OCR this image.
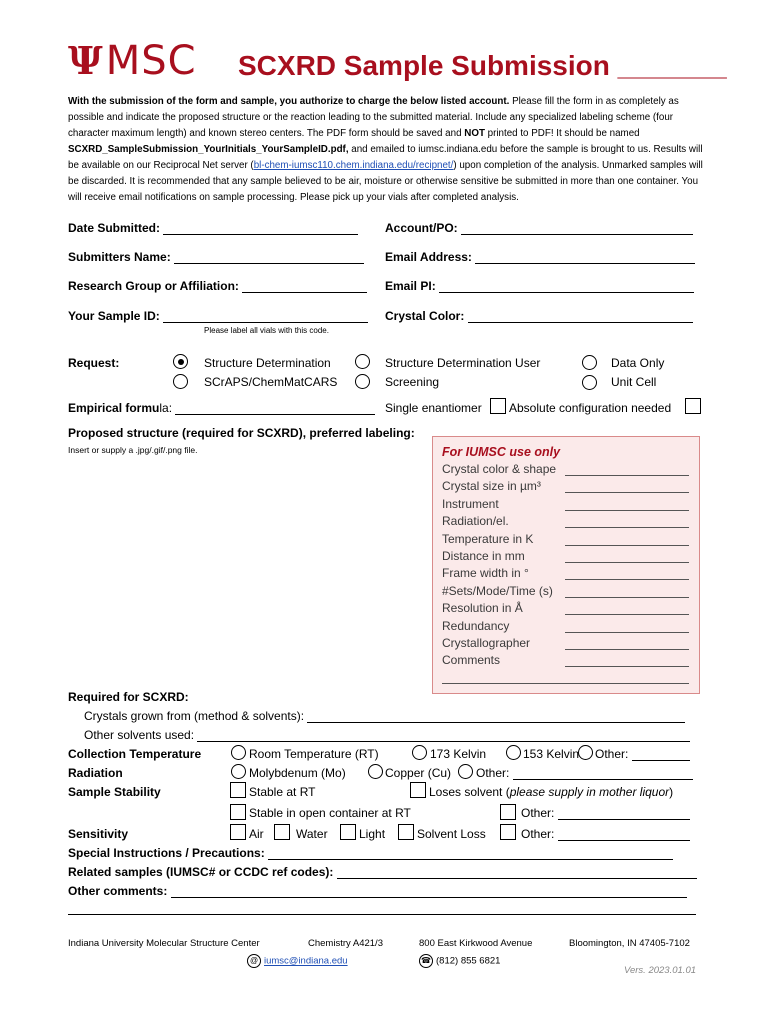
ΨMSC SCXRD Sample Submission _______
With the submission of the form and sample, you authorize to charge the below listed account. Please fill the form in as completely as possible and indicate the proposed structure or the reaction leading to the submitted material. Include any specialized labeling scheme (four character maximum length) and known stereo centers. The PDF form should be saved and NOT printed to PDF! It should be named SCXRD_SampleSubmission_YourInitials_YourSampleID.pdf, and emailed to iumsc.indiana.edu before the sample is brought to us. Results will be available on our Reciprocal Net server (bl-chem-iumsc110.chem.indiana.edu/recipnet/) upon completion of the analysis. Unmarked samples will be discarded. It is recommended that any sample believed to be air, moisture or otherwise sensitive be submitted in more than one container. You will receive email notifications on sample processing. Please pick up your vials after completed analysis.
Date Submitted:	Account/PO:
Submitters Name:	Email Address:
Research Group or Affiliation:	Email PI:
Your Sample ID:	Crystal Color:
Please label all vials with this code.
Request:	Structure Determination
SCrAPS/ChemMatCARS
Structure Determination User
Screening
Data Only
Unit Cell
Empirical formula:	Single enantiomer Absolute configuration needed
Proposed structure (required for SCXRD), preferred labeling:
Insert or supply a .jpg/.gif/.png file.	For IUMSC use only
Crystal color & shape
Crystal size in µm³
Instrument
Radiation/el.
Temperature in K
Distance in mm
Frame width in °
#Sets/Mode/Time (s)
Resolution in Å
Redundancy
Crystallographer
Comments
Required for SCXRD:
Crystals grown from (method & solvents):
Other solvents used:
Collection Temperature	Room Temperature (RT)	173 Kelvin	153 Kelvin Other:
Radiation	Molybdenum (Mo)	Copper (Cu) Other:
Sample Stability	Stable at RT	Loses solvent (please supply in mother liquor)
Stable in open container at RT	Other:
Sensitivity	Air	Water	Light	Solvent Loss	Other:
Special Instructions / Precautions:
Related samples (IUMSC# or CCDC ref codes):
Other comments:
Indiana University Molecular Structure Center	Chemistry A421/3	800 East Kirkwood Avenue	Bloomington, IN 47405-7102
@ iumsc@indiana.edu	☎ (812) 855 6821
Vers. 2023.01.01
